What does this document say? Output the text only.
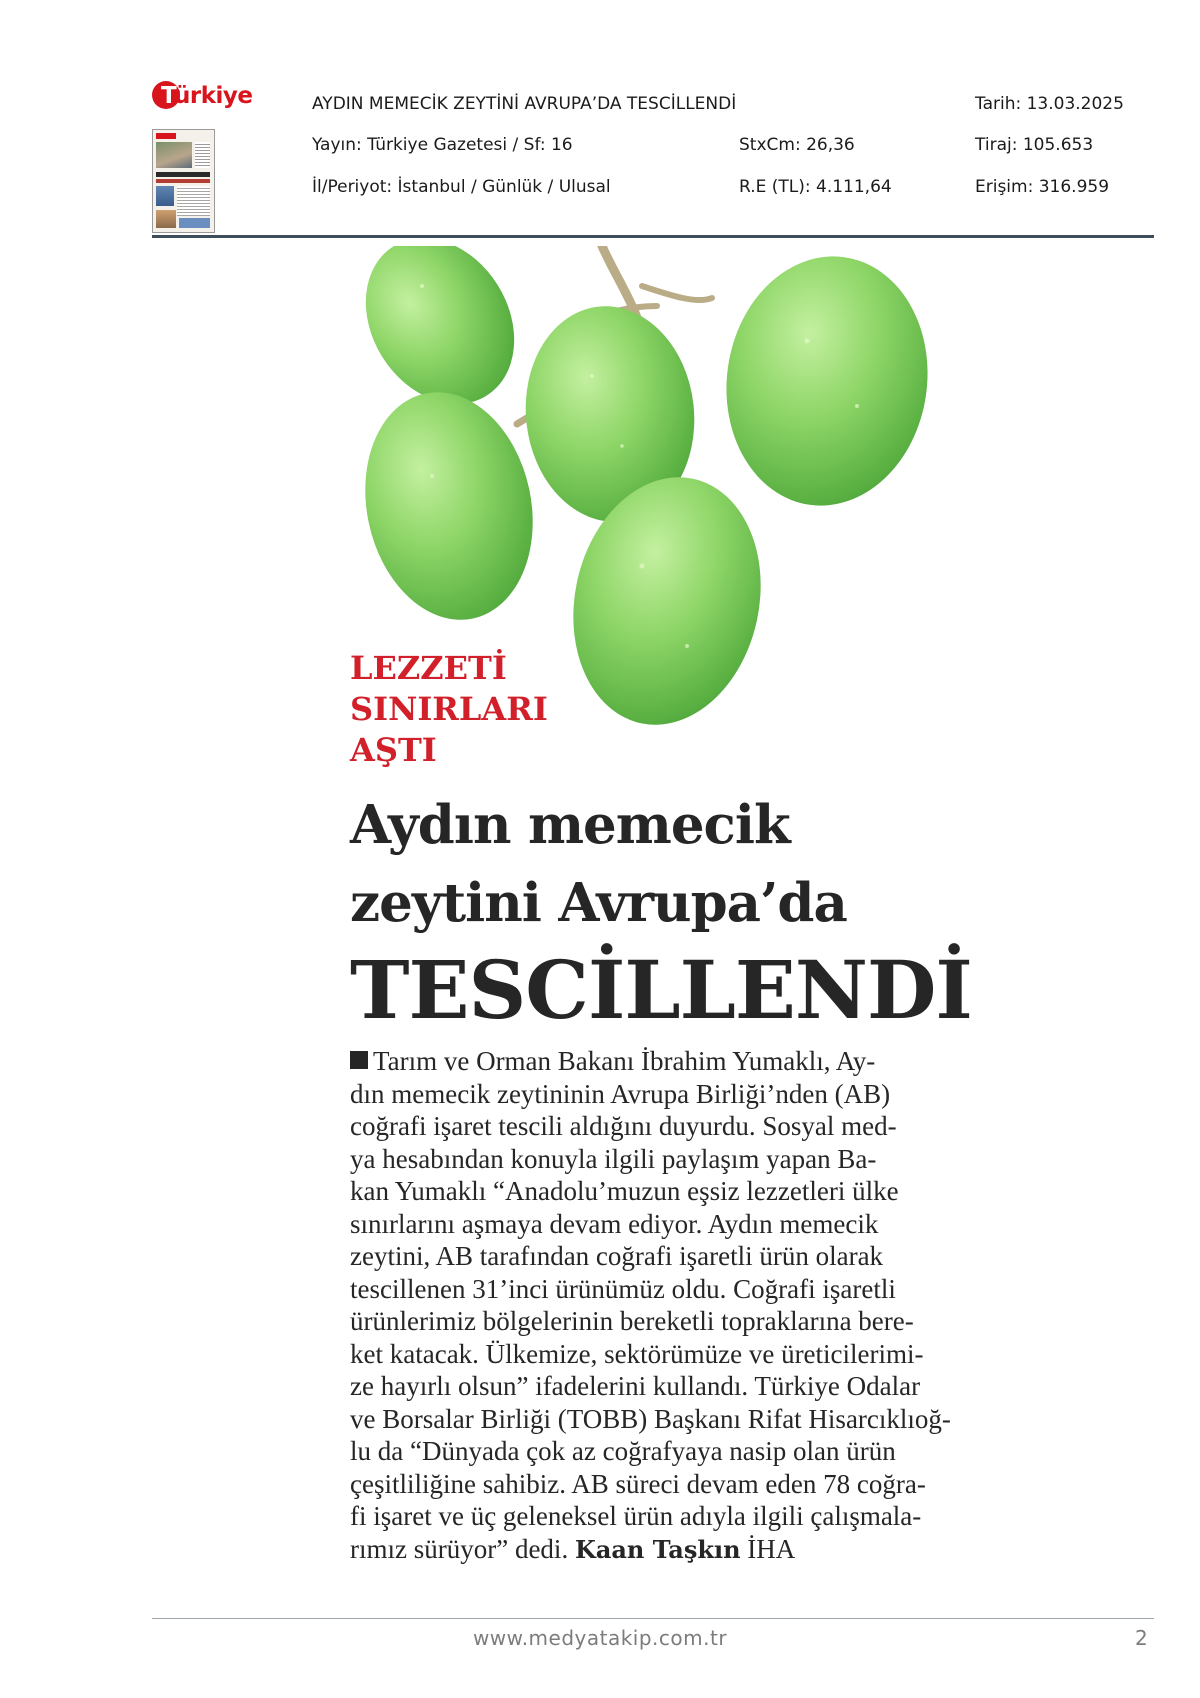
Türkiye	AYDIN MEMECİK ZEYTİNİ AVRUPA’DA TESCİLLENDİ	Tarih: 13.03.2025
Yayın: Türkiye Gazetesi / Sf: 16	StxCm: 26,36	Tiraj: 105.653
İl/Periyot: İstanbul / Günlük / Ulusal	R.E (TL): 4.111,64	Erişim: 316.959
LEZZETİ
SINIRLARI
AŞTI
Aydın memecik
zeytini Avrupa’da
TESCİLLENDİ
Tarım ve Orman Bakanı İbrahim Yumaklı, Ay-
dın memecik zeytininin Avrupa Birliği’nden (AB)
coğrafi işaret tescili aldığını duyurdu. Sosyal med-
ya hesabından konuyla ilgili paylaşım yapan Ba-
kan Yumaklı “Anadolu’muzun eşsiz lezzetleri ülke
sınırlarını aşmaya devam ediyor. Aydın memecik
zeytini, AB tarafından coğrafi işaretli ürün olarak
tescillenen 31’inci ürünümüz oldu. Coğrafi işaretli
ürünlerimiz bölgelerinin bereketli topraklarına bere-
ket katacak. Ülkemize, sektörümüze ve üreticilerimi-
ze hayırlı olsun” ifadelerini kullandı. Türkiye Odalar
ve Borsalar Birliği (TOBB) Başkanı Rifat Hisarcıklıoğ-
lu da “Dünyada çok az coğrafyaya nasip olan ürün
çeşitliliğine sahibiz. AB süreci devam eden 78 coğra-
fi işaret ve üç geleneksel ürün adıyla ilgili çalışmala-
rımız sürüyor” dedi. Kaan Taşkın İHA
www.medyatakip.com.tr	2
